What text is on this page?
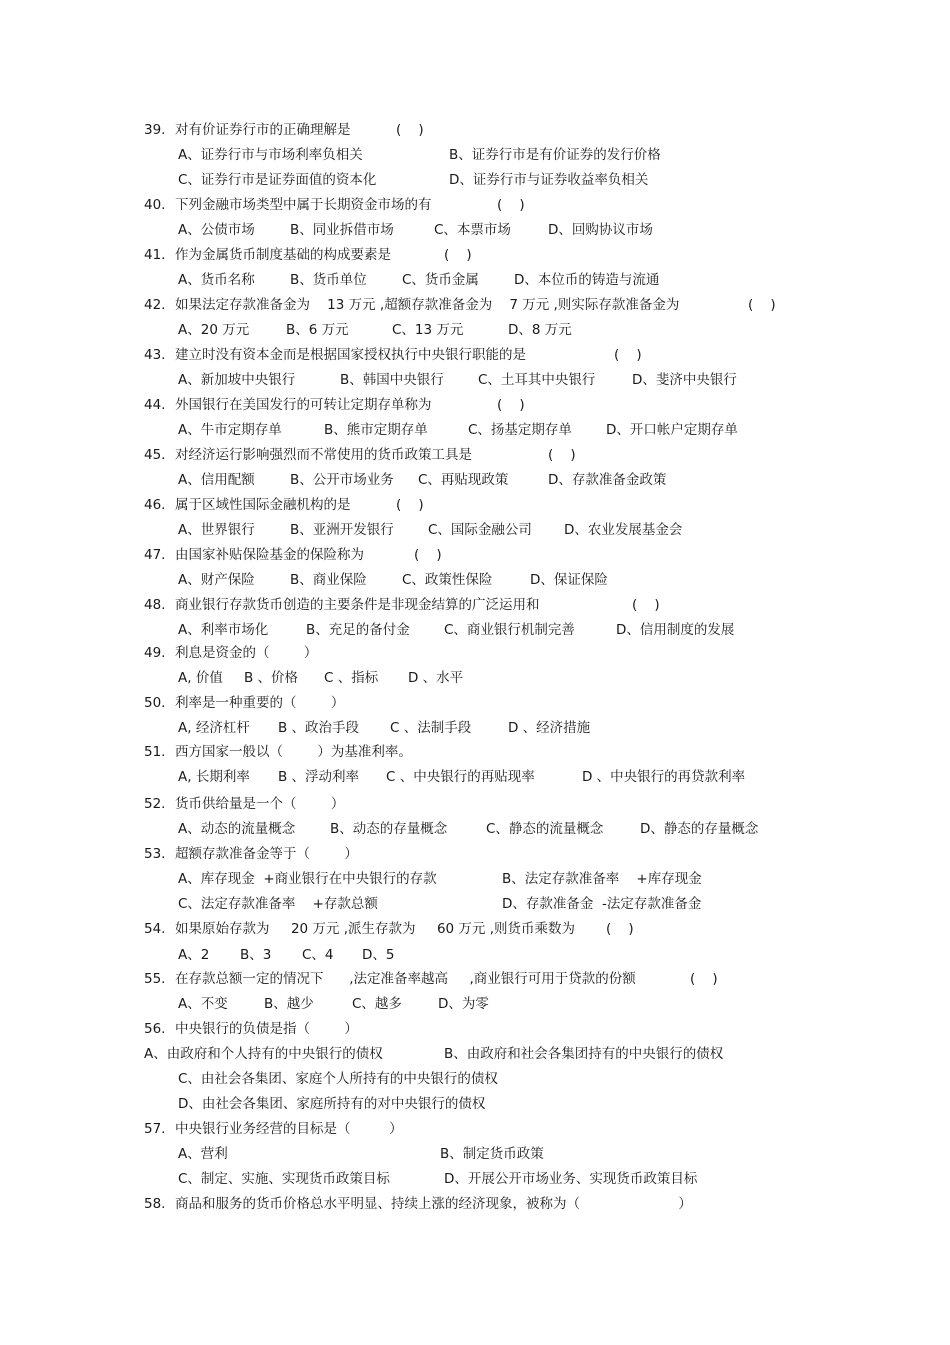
39. 对有价证券行市的正确理解是	(    )
A、证券行市与市场利率负相关	B、证券行市是有价证券的发行价格
C、证券行市是证券面值的资本化	D、证券行市与证券收益率负相关
40. 下列金融市场类型中属于长期资金市场的有	(    )
A、公债市场	B、同业拆借市场	C、本票市场	D、回购协议市场
41. 作为金属货币制度基础的构成要素是	(    )
A、货币名称	B、货币单位	C、货币金属	D、本位币的铸造与流通
42. 如果法定存款准备金为    13 万元 ,超额存款准备金为    7 万元 ,则实际存款准备金为	(    )
A、20 万元	B、6 万元	C、13 万元	D、8 万元
43. 建立时没有资本金而是根据国家授权执行中央银行职能的是	(    )
A、新加坡中央银行	B、韩国中央银行	C、土耳其中央银行	D、斐济中央银行
44. 外国银行在美国发行的可转让定期存单称为	(    )
A、牛市定期存单	B、熊市定期存单	C、扬基定期存单	D、开口帐户定期存单
45. 对经济运行影响强烈而不常使用的货币政策工具是	(    )
A、信用配额	B、公开市场业务 C、再贴现政策	D、存款准备金政策
46. 属于区域性国际金融机构的是	(    )
A、世界银行	B、亚洲开发银行	C、国际金融公司 D、农业发展基金会
47. 由国家补贴保险基金的保险称为	(    )
A、财产保险	B、商业保险	C、政策性保险	D、保证保险
48. 商业银行存款货币创造的主要条件是非现金结算的广泛运用和	(    )
A、利率市场化	B、充足的备付金	C、商业银行机制完善	D、信用制度的发展
49. 利息是资金的（        ）
A, 价值 B 、价格 C 、指标 D 、水平
50. 利率是一种重要的（        ）
A, 经济杠杆 B 、政治手段 C 、法制手段	D 、经济措施
51. 西方国家一般以（        ）为基准利率。
A, 长期利率 B 、浮动利率 C 、中央银行的再贴现率	D 、中央银行的再贷款利率
52. 货币供给量是一个（        ）
A、动态的流量概念	B、动态的存量概念	C、静态的流量概念	D、静态的存量概念
53. 超额存款准备金等于（        ）
A、库存现金  +商业银行在中央银行的存款	B、法定存款准备率    +库存现金
C、法定存款准备率    +存款总额	D、存款准备金  -法定存款准备金
54. 如果原始存款为     20 万元 ,派生存款为     60 万元 ,则货币乘数为 (    )
A、2 B、3 C、4 D、5
55. 在存款总额一定的情况下      ,法定准备率越高     ,商业银行可用于贷款的份额	(    )
A、不变	B、越少	C、越多	D、为零
56. 中央银行的负债是指（        ）
A、由政府和个人持有的中央银行的债权	B、由政府和社会各集团持有的中央银行的债权
C、由社会各集团、家庭个人所持有的中央银行的债权
D、由社会各集团、家庭所持有的对中央银行的债权
57. 中央银行业务经营的目标是（         ）
A、营利	B、制定货币政策
C、制定、实施、实现货币政策目标	D、开展公开市场业务、实现货币政策目标
58. 商品和服务的货币价格总水平明显、持续上涨的经济现象，被称为（	）
